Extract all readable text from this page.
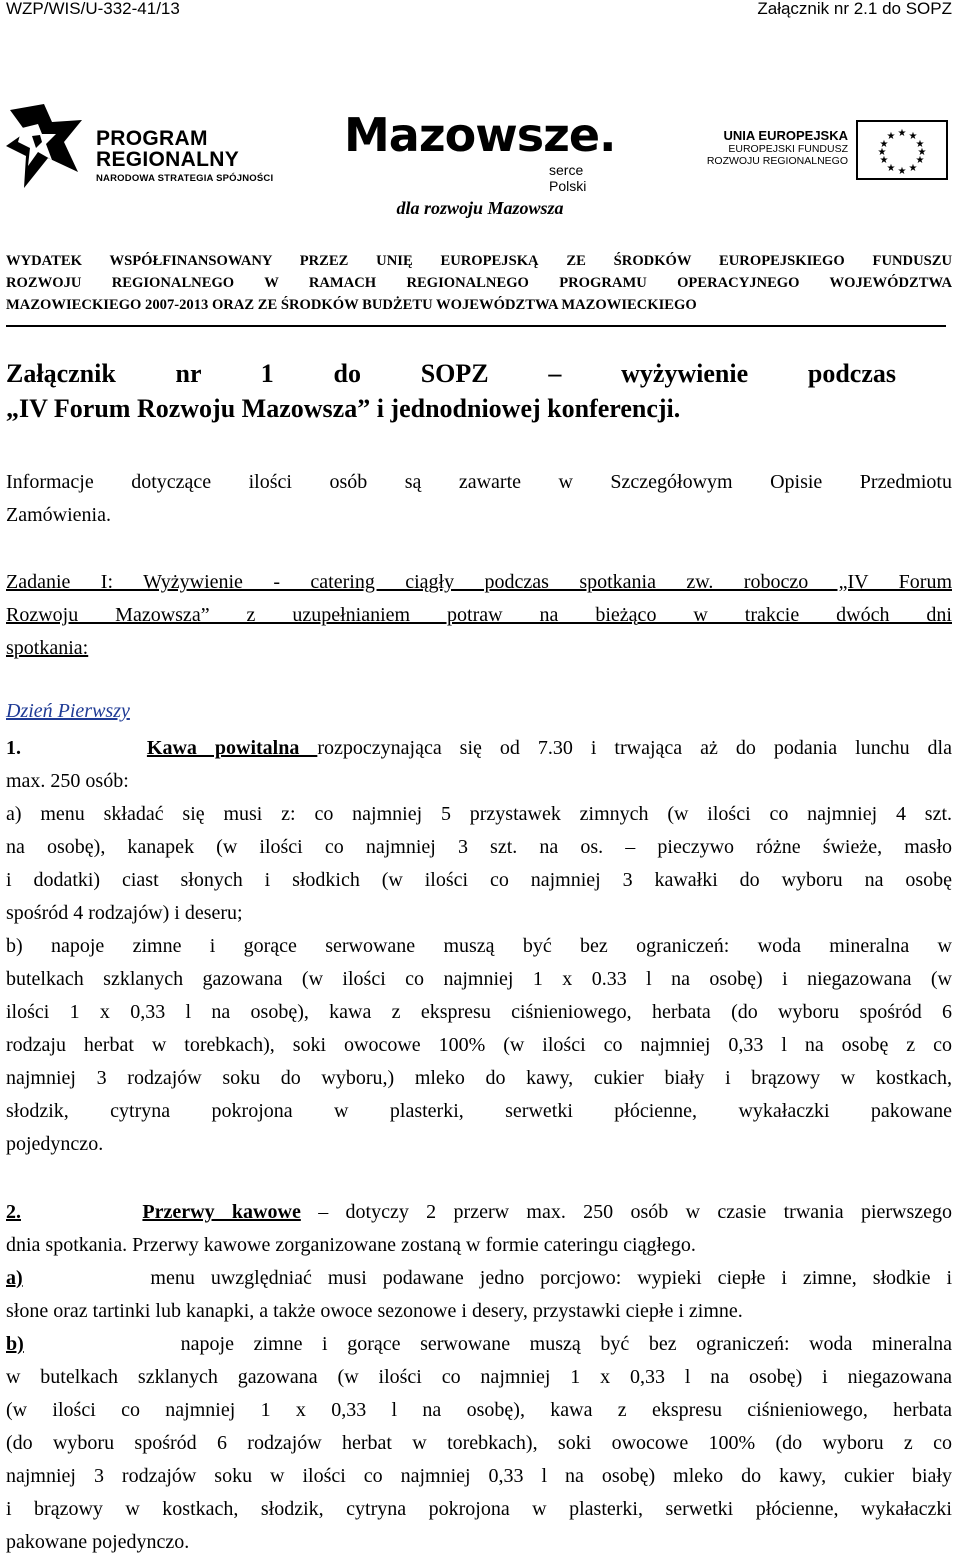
WZP/WIS/U-332-41/13	Załącznik nr 2.1 do SOPZ
PROGRAM
REGIONALNY
NARODOWA STRATEGIA SPÓJNOŚCI
Mazowsze.
serce Polski
UNIA EUROPEJSKA
EUROPEJSKI FUNDUSZ
ROZWOJU REGIONALNEGO
★ ★
★
★
★
★
★
★
★
★
★
★
dla rozwoju Mazowsza
WYDATEK WSPÓŁFINANSOWANY PRZEZ UNIĘ EUROPEJSKĄ ZE ŚRODKÓW EUROPEJSKIEGO FUNDUSZU
ROZWOJU REGIONALNEGO W RAMACH REGIONALNEGO PROGRAMU OPERACYJNEGO WOJEWÓDZTWA
MAZOWIECKIEGO 2007-2013 ORAZ ZE ŚRODKÓW BUDŻETU WOJEWÓDZTWA MAZOWIECKIEGO
Załącznik nr 1 do SOPZ – wyżywienie podczas
„IV Forum Rozwoju Mazowsza” i jednodniowej konferencji.
Informacje dotyczące ilości osób są zawarte w Szczegółowym Opisie Przedmiotu
Zamówienia.
Zadanie I: Wyżywienie - catering ciągły podczas spotkania zw. roboczo „IV Forum
Rozwoju Mazowsza” z uzupełnianiem potraw na bieżąco w trakcie dwóch dni
spotkania:
Dzień Pierwszy
1.	Kawa powitalna rozpoczynająca się od 7.30 i trwająca aż do podania lunchu dla
max. 250 osób:
a) menu składać się musi z: co najmniej 5 przystawek zimnych (w ilości co najmniej 4 szt.
na osobę), kanapek (w ilości co najmniej 3 szt. na os. – pieczywo różne świeże, masło
i dodatki) ciast słonych i słodkich (w ilości co najmniej 3 kawałki do wyboru na osobę
spośród 4 rodzajów) i deseru;
b) napoje zimne i gorące serwowane muszą być bez ograniczeń: woda mineralna w
butelkach szklanych gazowana (w ilości co najmniej 1 x 0.33 l na osobę) i niegazowana (w
ilości 1 x 0,33 l na osobę), kawa z ekspresu ciśnieniowego, herbata (do wyboru spośród 6
rodzaju herbat w torebkach), soki owocowe 100% (w ilości co najmniej 0,33 l na osobę z co
najmniej 3 rodzajów soku do wyboru,) mleko do kawy, cukier biały i brązowy w kostkach,
słodzik, cytryna pokrojona w plasterki, serwetki płócienne, wykałaczki pakowane
pojedynczo.
2.	Przerwy kawowe – dotyczy 2 przerw max. 250 osób w czasie trwania pierwszego
dnia spotkania. Przerwy kawowe zorganizowane zostaną w formie cateringu ciągłego.
a)	menu uwzględniać musi podawane jedno porcjowo: wypieki ciepłe i zimne, słodkie i
słone oraz tartinki lub kanapki, a także owoce sezonowe i desery, przystawki ciepłe i zimne.
b)	napoje zimne i gorące serwowane muszą być bez ograniczeń: woda mineralna
w butelkach szklanych gazowana (w ilości co najmniej 1 x 0,33 l na osobę) i niegazowana
(w ilości co najmniej 1 x 0,33 l na osobę), kawa z ekspresu ciśnieniowego, herbata
(do wyboru spośród 6 rodzajów herbat w torebkach), soki owocowe 100% (do wyboru z co
najmniej 3 rodzajów soku w ilości co najmniej 0,33 l na osobę) mleko do kawy, cukier biały
i brązowy w kostkach, słodzik, cytryna pokrojona w plasterki, serwetki płócienne, wykałaczki
pakowane pojedynczo.
